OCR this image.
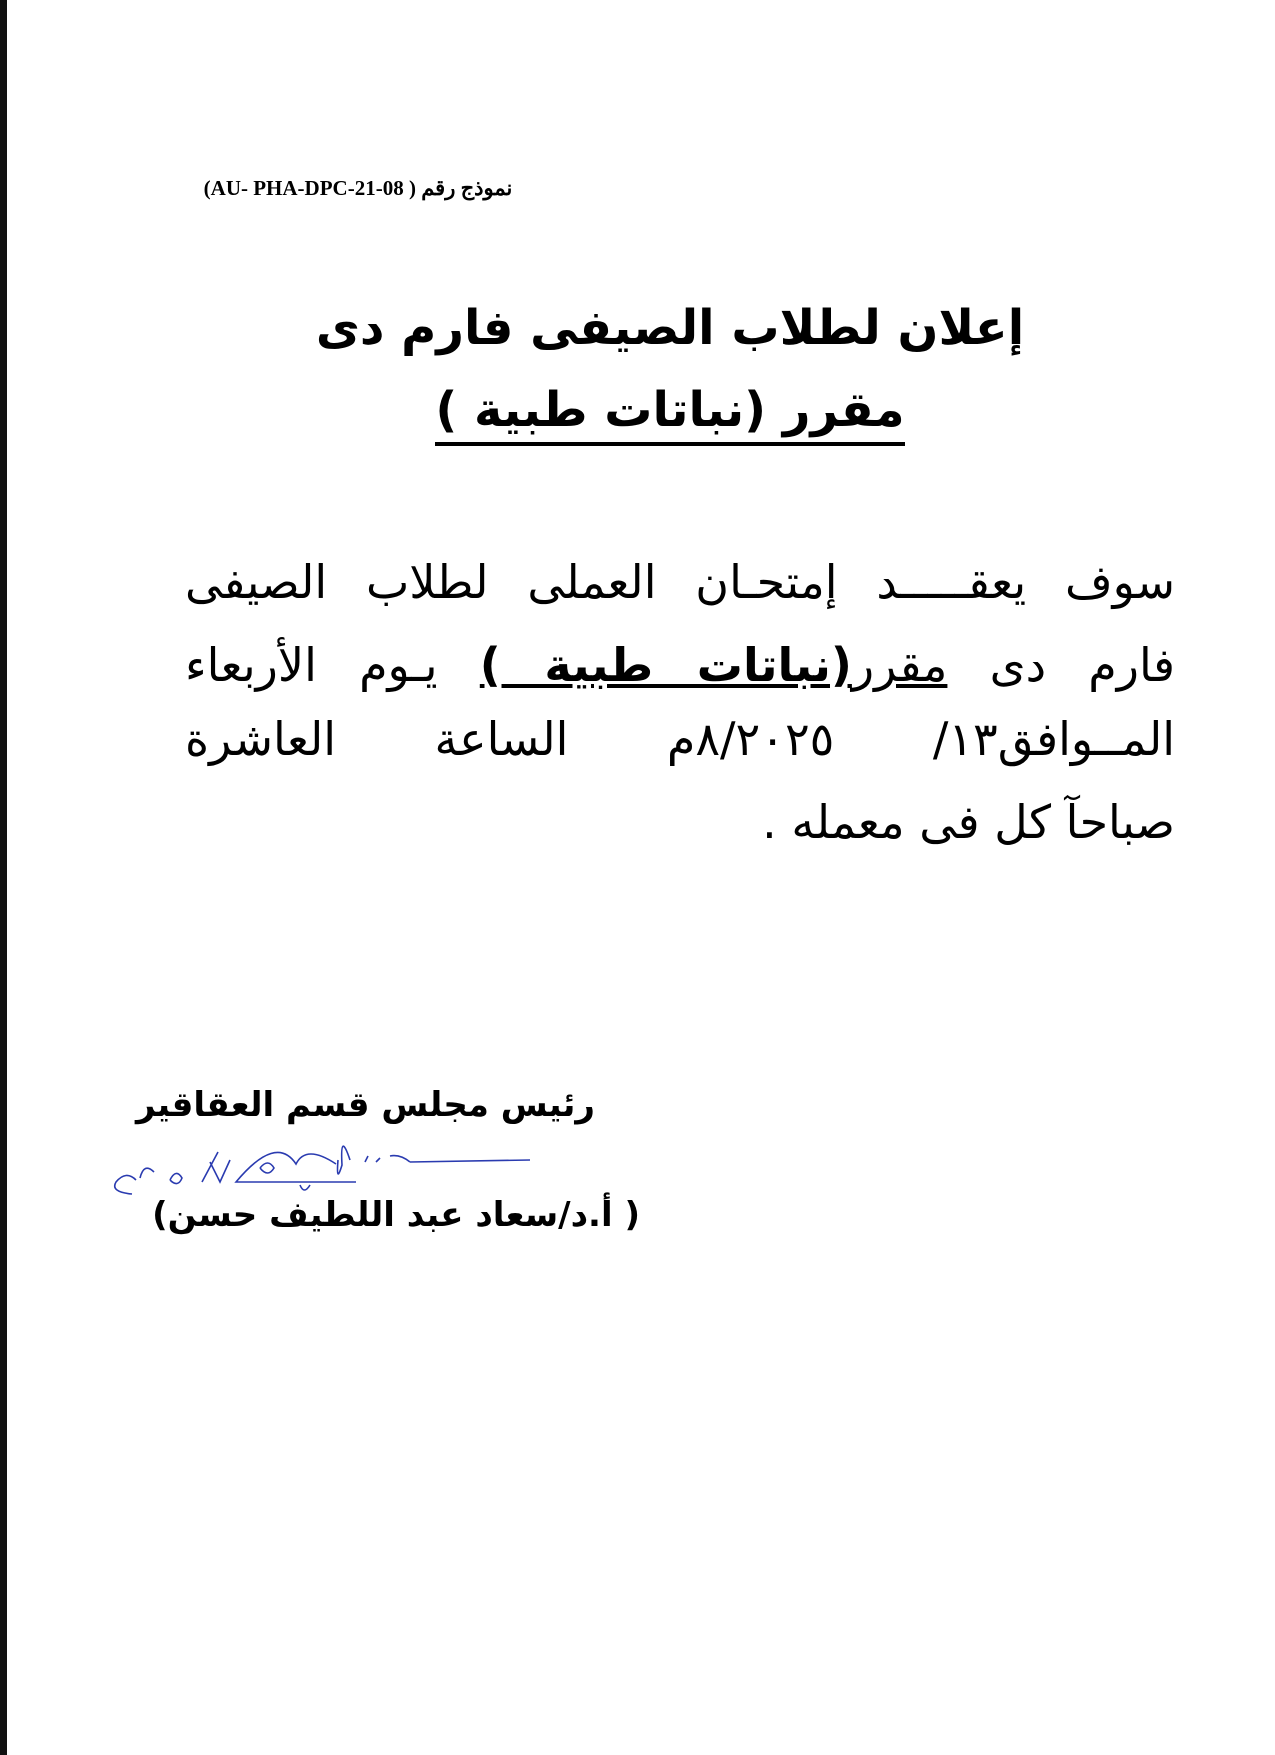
نموذج رقم ( AU- PHA-DPC-21-08)
إعلان لطلاب الصيفى فارم دى
مقرر (نباتات طبية )
سوف يعقـــــد إمتحـان العملى لطلاب الصيفى
فارم دى مقرر(نباتات طبية ) يـوم الأربعاء
المــوافق١٣/ ٨/٢٠٢٥م الساعة العاشرة
صباحآ كل فى معمله .
رئيس مجلس قسم العقاقير
( أ.د/سعاد عبد اللطيف حسن)
